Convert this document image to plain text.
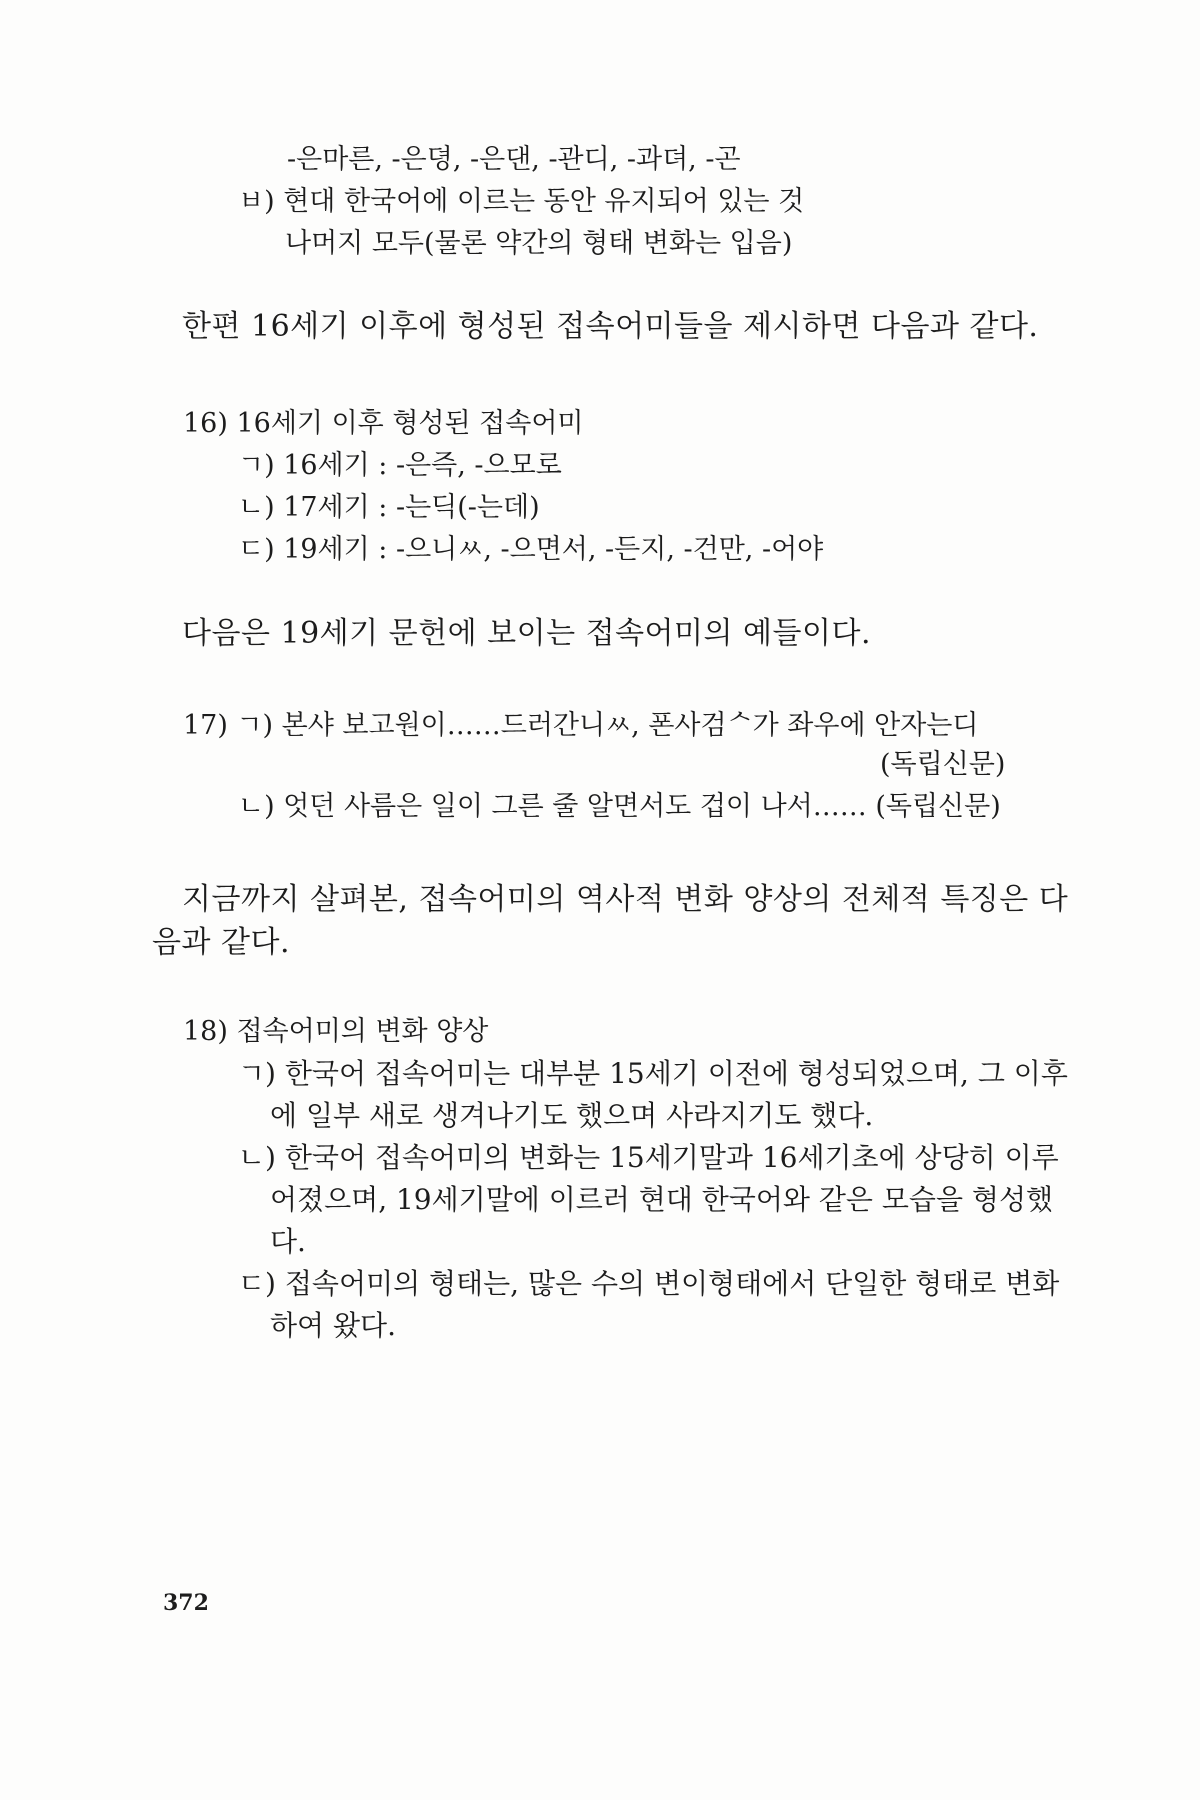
-은마른, -은뎡, -은댄, -관디, -과뎌, -곤
ㅂ) 현대 한국어에 이르는 동안 유지되어 있는 것
나머지 모두(물론 약간의 형태 변화는 입음)
한편 16세기 이후에 형성된 접속어미들을 제시하면 다음과 같다.
16) 16세기 이후 형성된 접속어미
ㄱ) 16세기 : -은즉, -으모로
ㄴ) 17세기 : -는딕(-는데)
ㄷ) 19세기 : -으니ㅆ, -으면서, -든지, -건만, -어야
다음은 19세기 문헌에 보이는 접속어미의 예들이다.
17) ㄱ) 본샤 보고원이……드러간니ㅆ, 폰사검ᄉ가 좌우에 안자는디
(독립신문)
ㄴ) 엇던 사름은 일이 그른 줄 알면서도 겁이 나서…… (독립신문)
지금까지 살펴본, 접속어미의 역사적 변화 양상의 전체적 특징은 다
음과 같다.
18) 접속어미의 변화 양상
ㄱ) 한국어 접속어미는 대부분 15세기 이전에 형성되었으며, 그 이후
에 일부 새로 생겨나기도 했으며 사라지기도 했다.
ㄴ) 한국어 접속어미의 변화는 15세기말과 16세기초에 상당히 이루
어졌으며, 19세기말에 이르러 현대 한국어와 같은 모습을 형성했
다.
ㄷ) 접속어미의 형태는, 많은 수의 변이형태에서 단일한 형태로 변화
하여 왔다.
372
